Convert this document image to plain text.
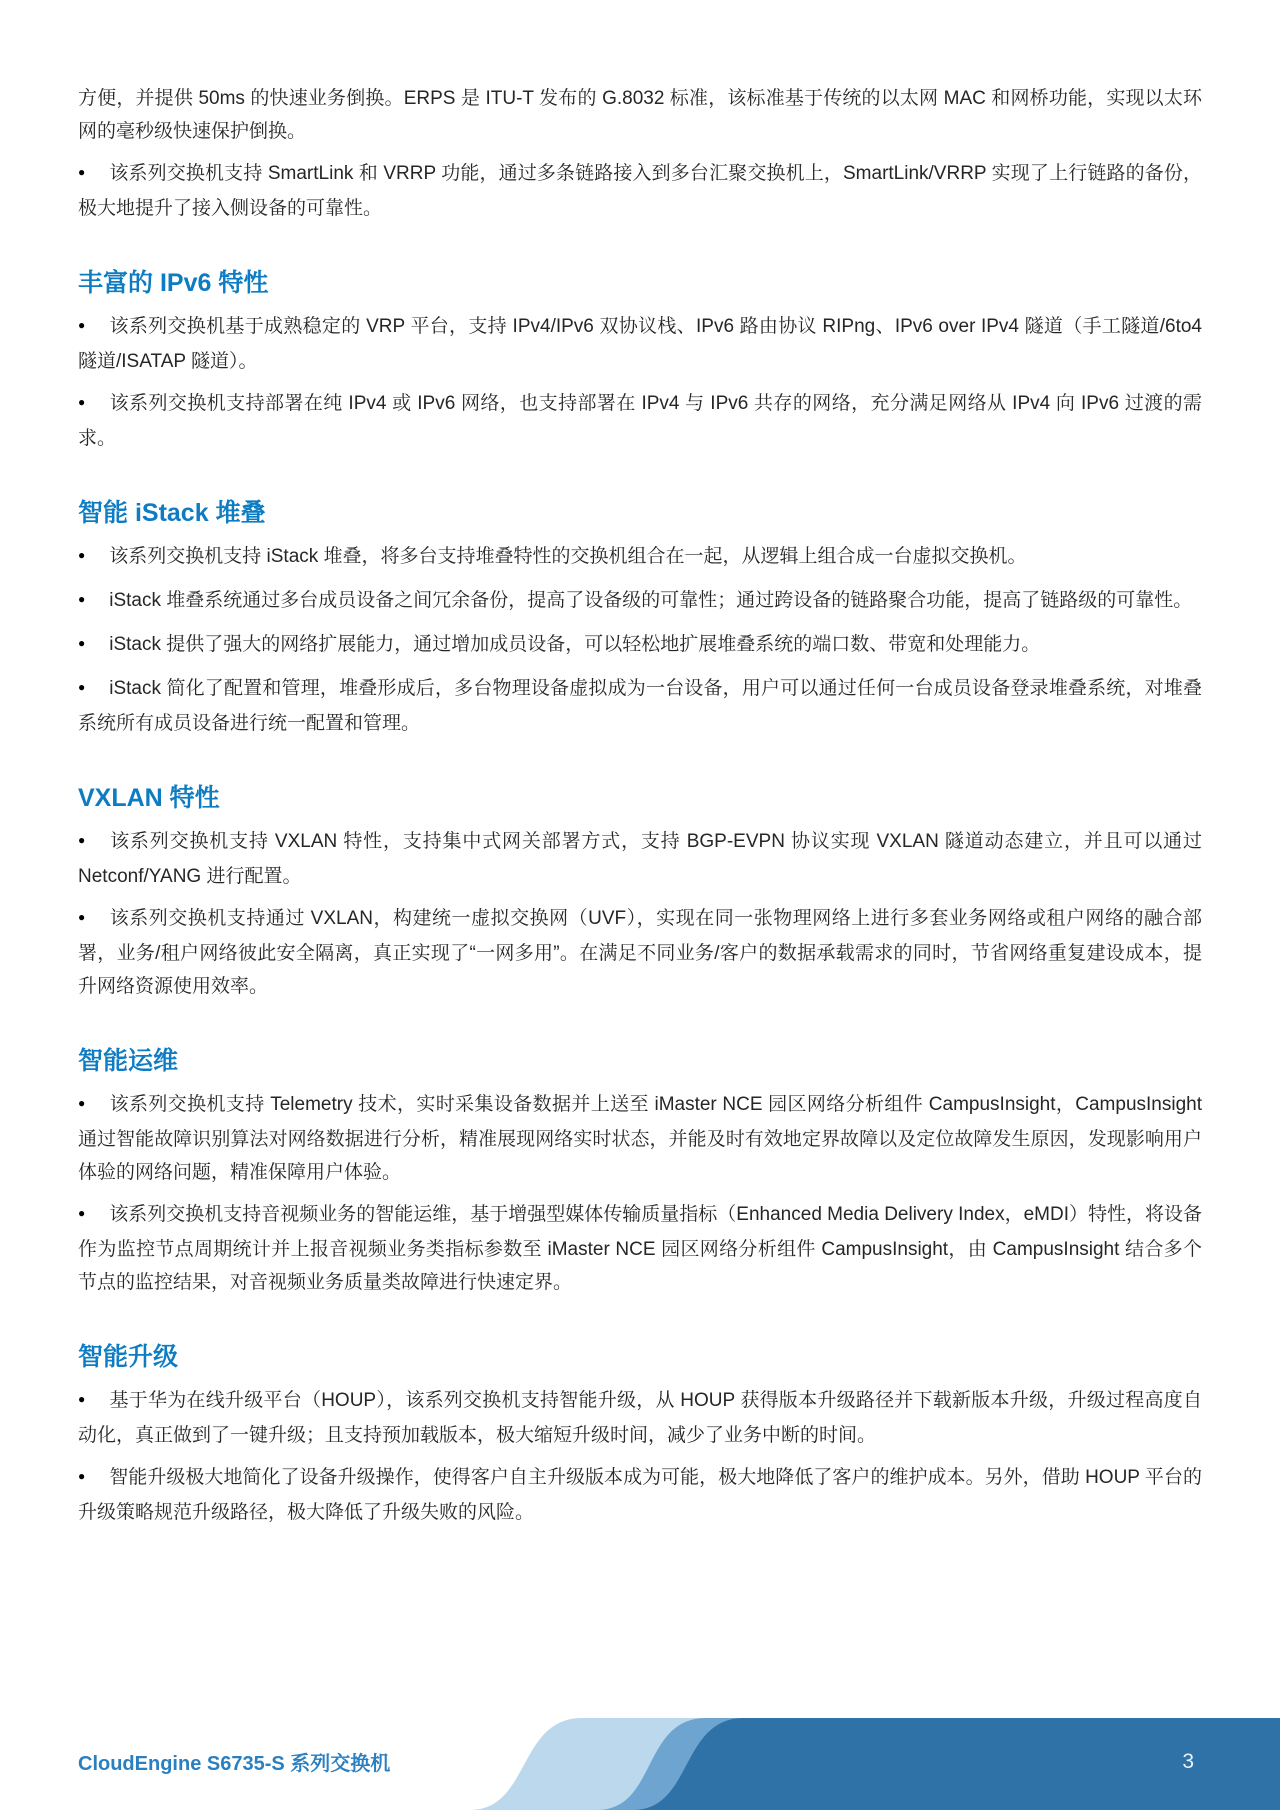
方便，并提供 50ms 的快速业务倒换。ERPS 是 ITU-T 发布的 G.8032 标准，该标准基于传统的以太网 MAC 和网桥功能，实现以太环网的毫秒级快速保护倒换。

● 该系列交换机支持 SmartLink 和 VRRP 功能，通过多条链路接入到多台汇聚交换机上，SmartLink/VRRP 实现了上行链路的备份，极大地提升了接入侧设备的可靠性。

丰富的 IPv6 特性

● 该系列交换机基于成熟稳定的 VRP 平台，支持 IPv4/IPv6 双协议栈、IPv6 路由协议 RIPng、IPv6 over IPv4 隧道（手工隧道/6to4 隧道/ISATAP 隧道）。

● 该系列交换机支持部署在纯 IPv4 或 IPv6 网络，也支持部署在 IPv4 与 IPv6 共存的网络，充分满足网络从 IPv4 向 IPv6 过渡的需求。

智能 iStack 堆叠

● 该系列交换机支持 iStack 堆叠，将多台支持堆叠特性的交换机组合在一起，从逻辑上组合成一台虚拟交换机。

● iStack 堆叠系统通过多台成员设备之间冗余备份，提高了设备级的可靠性；通过跨设备的链路聚合功能，提高了链路级的可靠性。

● iStack 提供了强大的网络扩展能力，通过增加成员设备，可以轻松地扩展堆叠系统的端口数、带宽和处理能力。

● iStack 简化了配置和管理，堆叠形成后，多台物理设备虚拟成为一台设备，用户可以通过任何一台成员设备登录堆叠系统，对堆叠系统所有成员设备进行统一配置和管理。

VXLAN 特性

● 该系列交换机支持 VXLAN 特性，支持集中式网关部署方式，支持 BGP-EVPN 协议实现 VXLAN 隧道动态建立，并且可以通过 Netconf/YANG 进行配置。

● 该系列交换机支持通过 VXLAN，构建统一虚拟交换网（UVF），实现在同一张物理网络上进行多套业务网络或租户网络的融合部署，业务/租户网络彼此安全隔离，真正实现了“一网多用”。在满足不同业务/客户的数据承载需求的同时，节省网络重复建设成本，提升网络资源使用效率。

智能运维

● 该系列交换机支持 Telemetry 技术，实时采集设备数据并上送至 iMaster NCE 园区网络分析组件 CampusInsight，CampusInsight 通过智能故障识别算法对网络数据进行分析，精准展现网络实时状态，并能及时有效地定界故障以及定位故障发生原因，发现影响用户体验的网络问题，精准保障用户体验。

● 该系列交换机支持音视频业务的智能运维，基于增强型媒体传输质量指标（Enhanced Media Delivery Index，eMDI）特性，将设备作为监控节点周期统计并上报音视频业务类指标参数至 iMaster NCE 园区网络分析组件 CampusInsight，由 CampusInsight 结合多个节点的监控结果，对音视频业务质量类故障进行快速定界。

智能升级

● 基于华为在线升级平台（HOUP），该系列交换机支持智能升级，从 HOUP 获得版本升级路径并下载新版本升级，升级过程高度自动化，真正做到了一键升级；且支持预加载版本，极大缩短升级时间，减少了业务中断的时间。

● 智能升级极大地简化了设备升级操作，使得客户自主升级版本成为可能，极大地降低了客户的维护成本。另外，借助 HOUP 平台的升级策略规范升级路径，极大降低了升级失败的风险。

CloudEngine S6735-S 系列交换机	3
